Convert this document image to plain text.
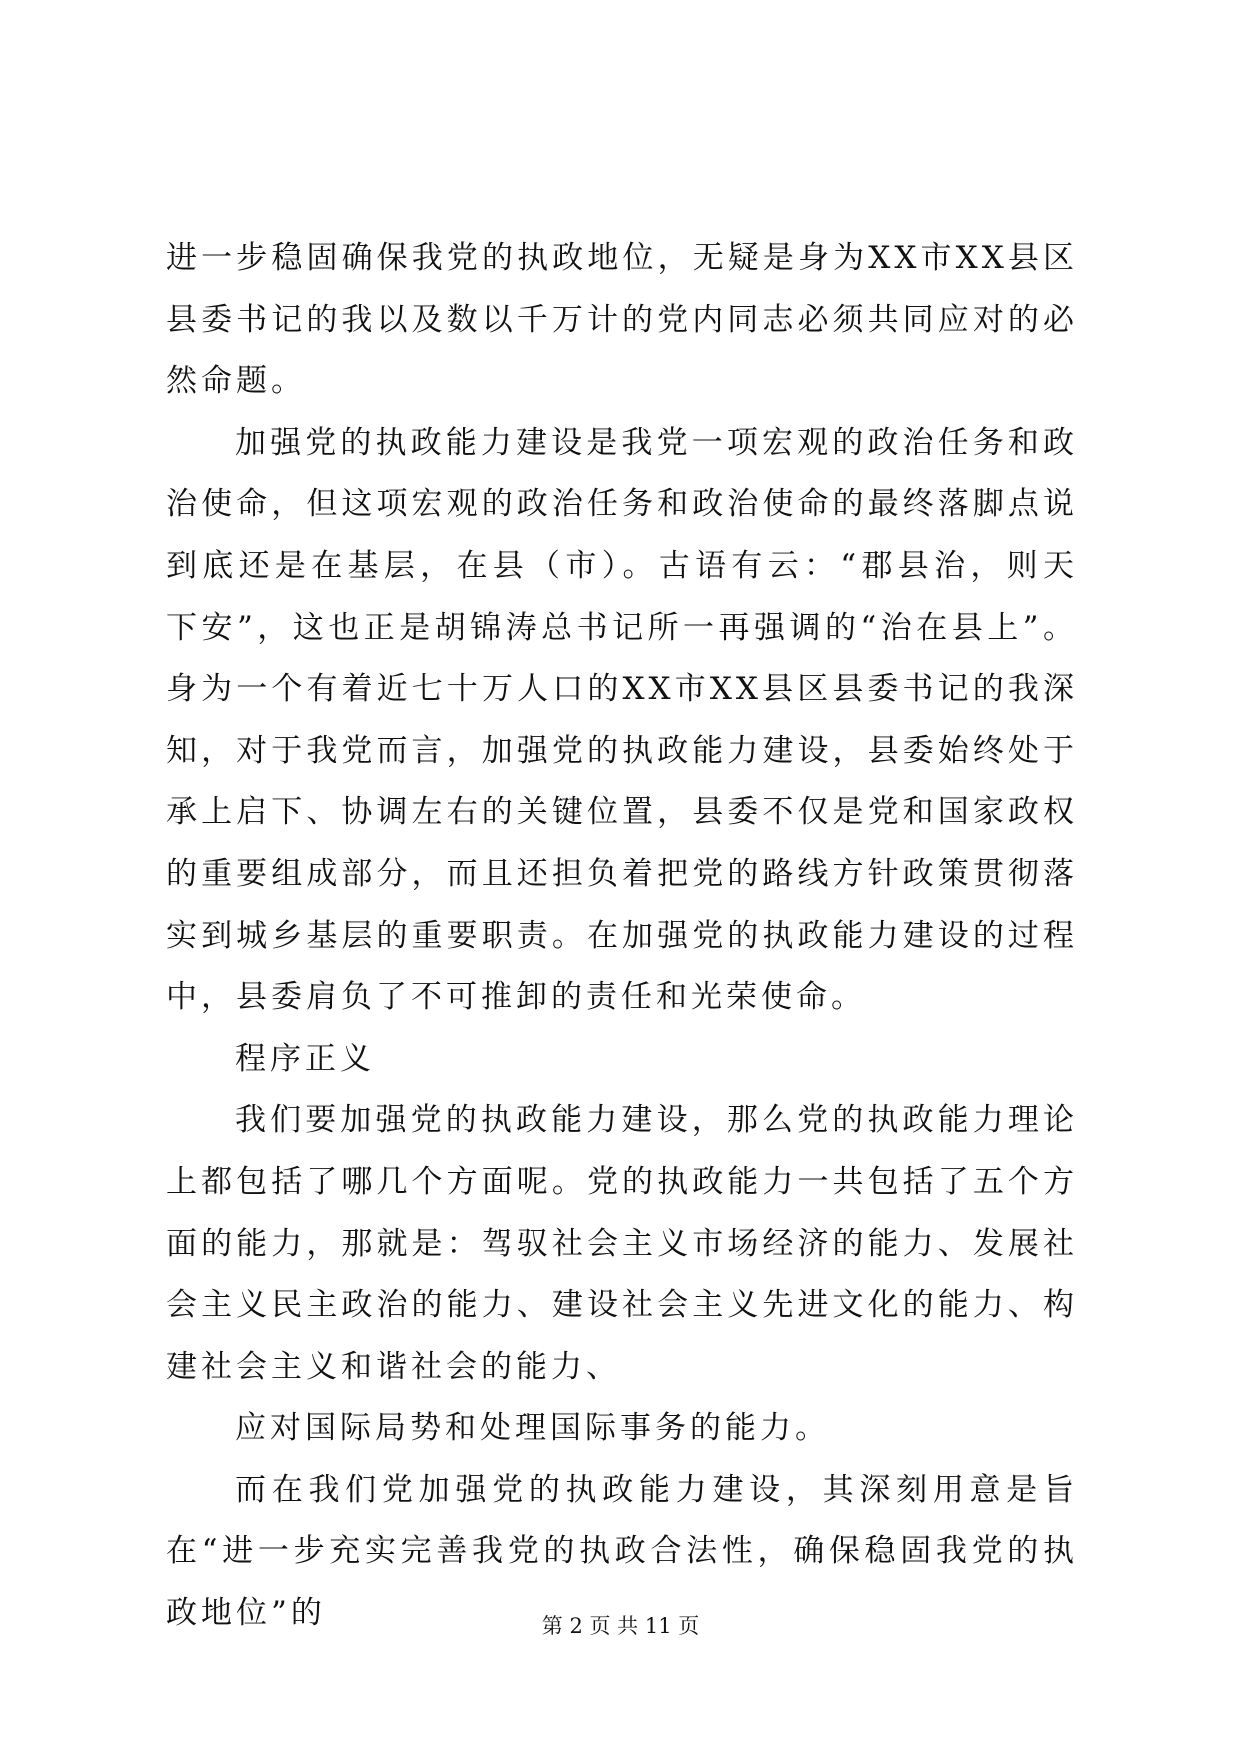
进一步稳固确保我党的执政地位，无疑是身为XX市XX县区县委书记的我以及数以千万计的党内同志必须共同应对的必然命题。

加强党的执政能力建设是我党一项宏观的政治任务和政治使命，但这项宏观的政治任务和政治使命的最终落脚点说到底还是在基层，在县（市）。古语有云：“郡县治，则天下安”，这也正是胡锦涛总书记所一再强调的“治在县上”。身为一个有着近七十万人口的XX市XX县区县委书记的我深知，对于我党而言，加强党的执政能力建设，县委始终处于承上启下、协调左右的关键位置，县委不仅是党和国家政权的重要组成部分，而且还担负着把党的路线方针政策贯彻落实到城乡基层的重要职责。在加强党的执政能力建设的过程中，县委肩负了不可推卸的责任和光荣使命。

程序正义

我们要加强党的执政能力建设，那么党的执政能力理论上都包括了哪几个方面呢。党的执政能力一共包括了五个方面的能力，那就是：驾驭社会主义市场经济的能力、发展社会主义民主政治的能力、建设社会主义先进文化的能力、构建社会主义和谐社会的能力、

应对国际局势和处理国际事务的能力。

而在我们党加强党的执政能力建设，其深刻用意是旨在“进一步充实完善我党的执政合法性，确保稳固我党的执政地位”的	第 2 页 共 11 页
